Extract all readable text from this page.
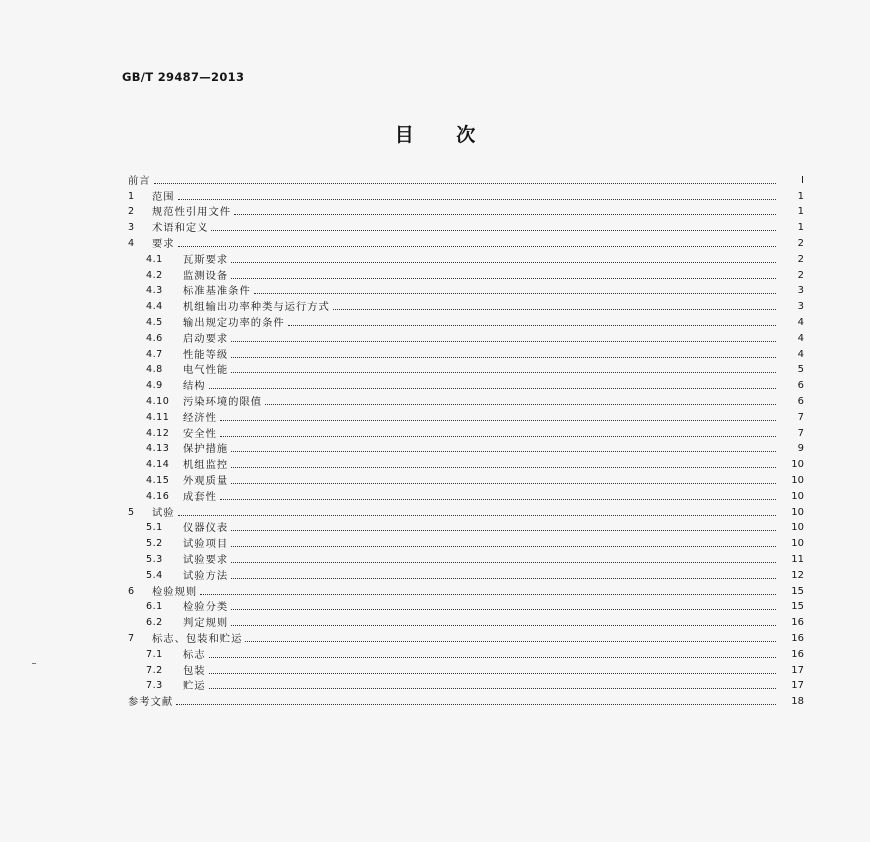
GB/T 29487—2013
目 次
前言	Ⅰ
1	范围	1
2	规范性引用文件	1
3	术语和定义	1
4	要求	2
4.1	瓦斯要求	2
4.2	监测设备	2
4.3	标准基准条件	3
4.4	机组输出功率种类与运行方式	3
4.5	输出规定功率的条件	4
4.6	启动要求	4
4.7	性能等级	4
4.8	电气性能	5
4.9	结构	6
4.10	污染环境的限值	6
4.11	经济性	7
4.12	安全性	7
4.13	保护措施	9
4.14	机组监控	10
4.15	外观质量	10
4.16	成套性	10
5	试验	10
5.1	仪器仪表	10
5.2	试验项目	10
5.3	试验要求	11
5.4	试验方法	12
6	检验规则	15
6.1	检验分类	15
6.2	判定规则	16
7	标志、包装和贮运	16
7.1	标志	16
7.2	包装	17
7.3	贮运	17
参考文献	18
